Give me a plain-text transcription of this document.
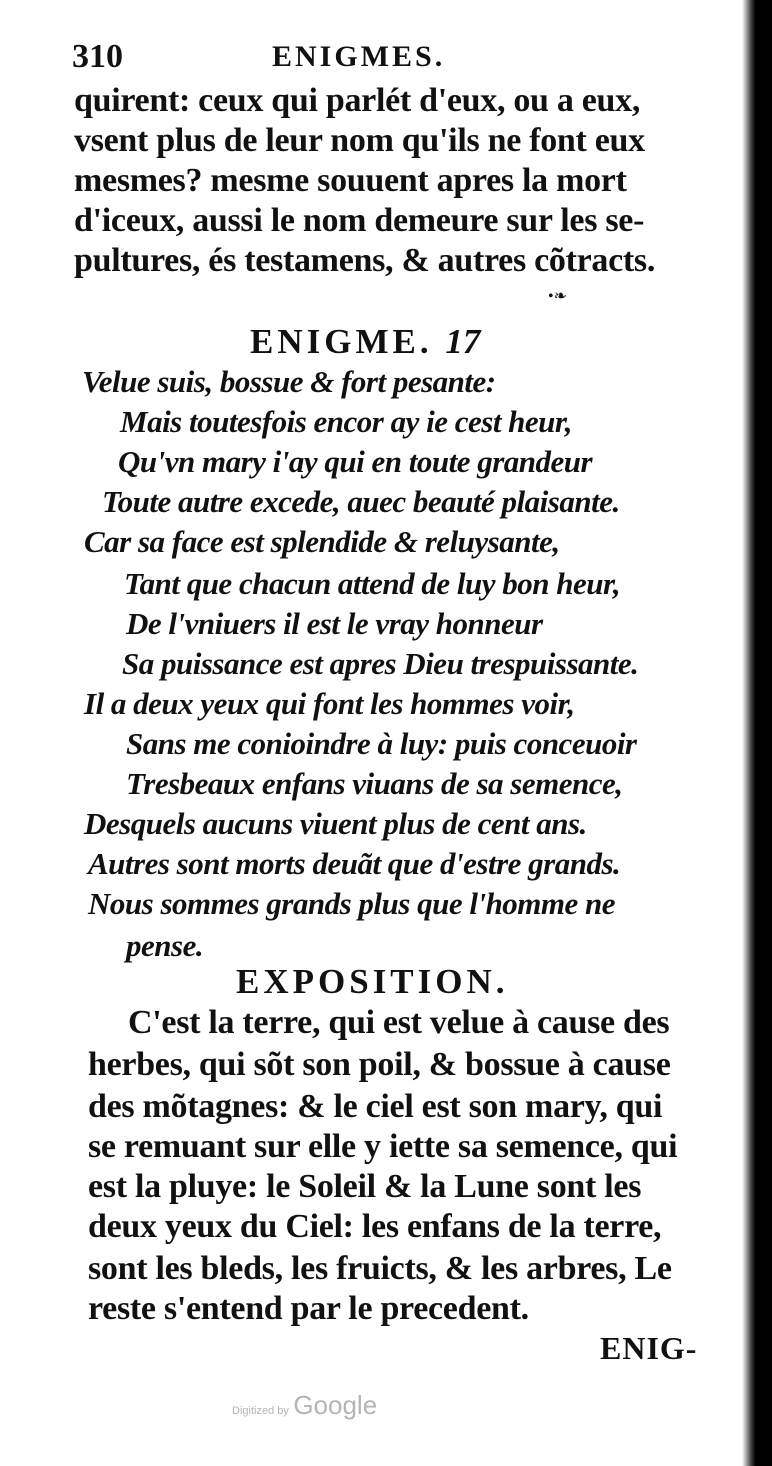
310	ENIGMES.
quirent: ceux qui parlét d'eux, ou a eux,
vsent plus de leur nom qu'ils ne font eux
mesmes? mesme souuent apres la mort
d'iceux, aussi le nom demeure sur les se-
pultures, és testamens, & autres cõtracts.
•❧
ENIGME. 17
Velue suis, bossue & fort pesante:
Mais toutesfois encor ay ie cest heur,
Qu'vn mary i'ay qui en toute grandeur
Toute autre excede, auec beauté plaisante.
Car sa face est splendide & reluysante,
Tant que chacun attend de luy bon heur,
De l'vniuers il est le vray honneur
Sa puissance est apres Dieu trespuissante.
Il a deux yeux qui font les hommes voir,
Sans me conioindre à luy: puis conceuoir
Tresbeaux enfans viuans de sa semence,
Desquels aucuns viuent plus de cent ans.
Autres sont morts deuãt que d'estre grands.
Nous sommes grands plus que l'homme ne
pense.
EXPOSITION.
C'est la terre, qui est velue à cause des
herbes, qui sõt son poil, & bossue à cause
des mõtagnes: & le ciel est son mary, qui
se remuant sur elle y iette sa semence, qui
est la pluye: le Soleil & la Lune sont les
deux yeux du Ciel: les enfans de la terre,
sont les bleds, les fruicts, & les arbres, Le
reste s'entend par le precedent.
ENIG-
Digitized by Google
